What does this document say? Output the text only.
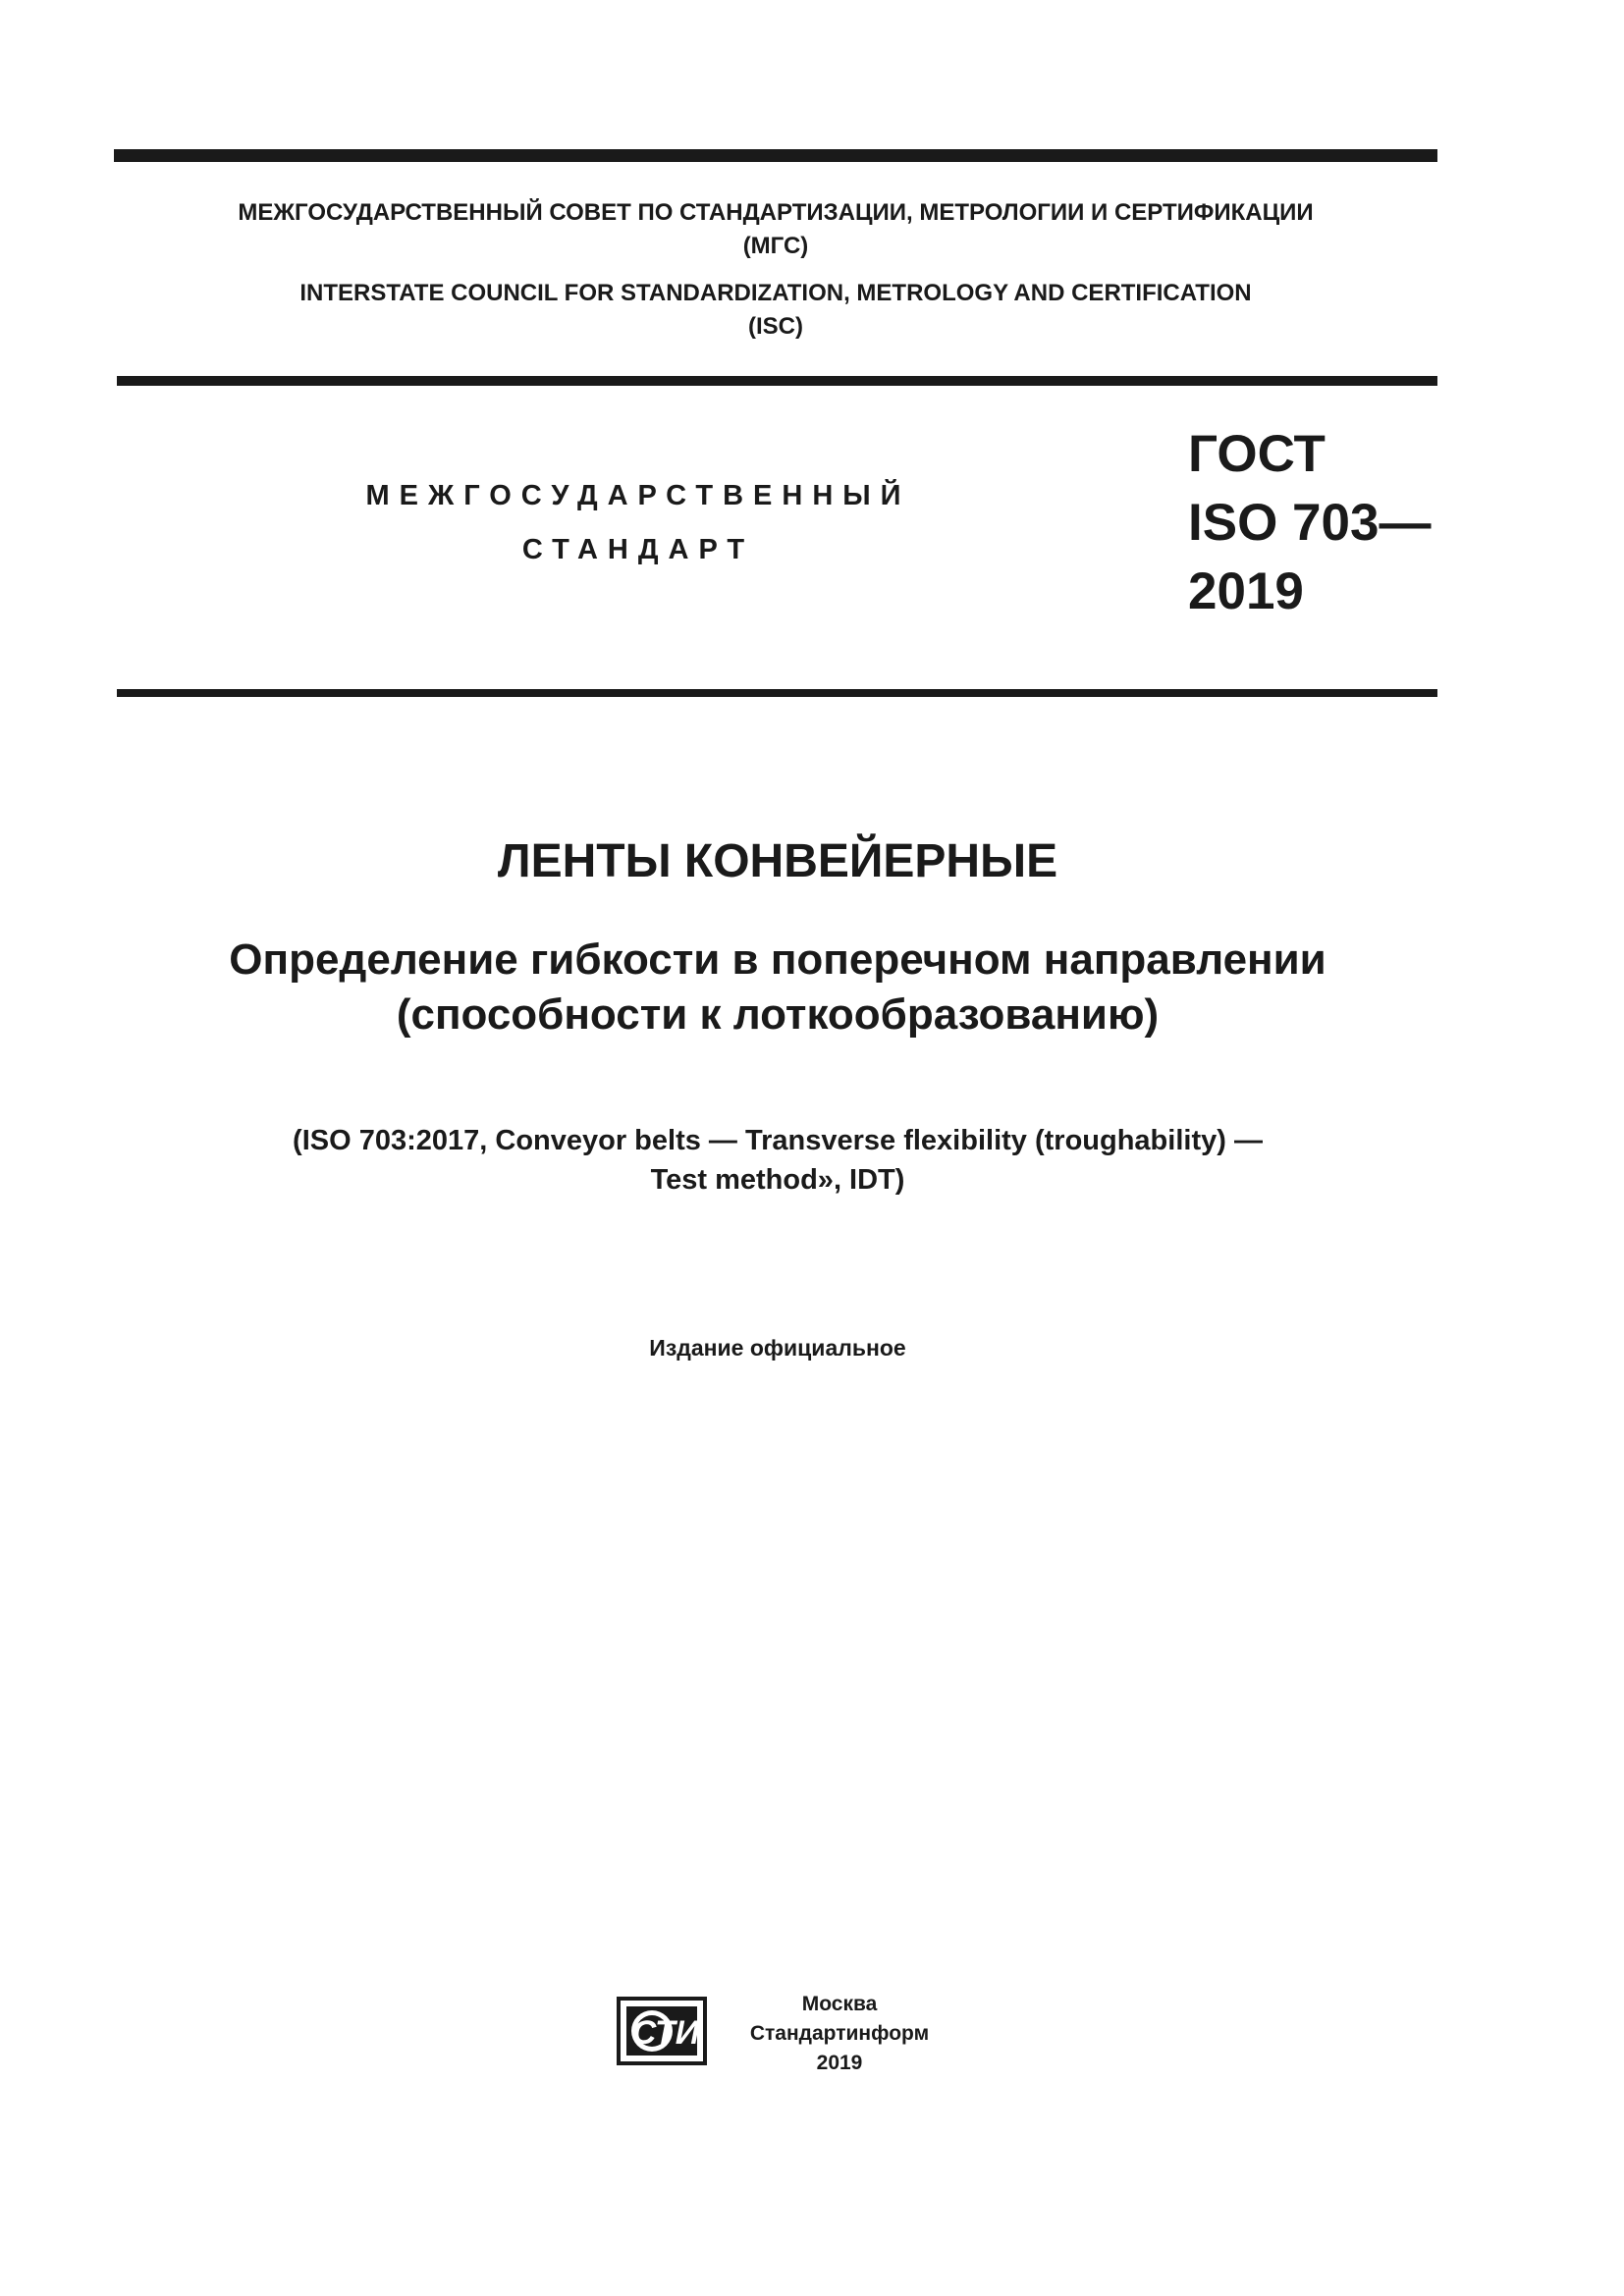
МЕЖГОСУДАРСТВЕННЫЙ СОВЕТ ПО СТАНДАРТИЗАЦИИ, МЕТРОЛОГИИ И СЕРТИФИКАЦИИ
(МГС)
INTERSTATE COUNCIL FOR STANDARDIZATION, METROLOGY AND CERTIFICATION
(ISC)
МЕЖГОСУДАРСТВЕННЫЙ
СТАНДАРТ
ГОСТ
ISO 703—
2019
ЛЕНТЫ КОНВЕЙЕРНЫЕ
Определение гибкости в поперечном направлении
(способности к лоткообразованию)
(ISO 703:2017, Conveyor belts — Transverse flexibility (troughability) —
Test method», IDT)
Издание официальное
СТИ
Москва
Стандартинформ
2019
